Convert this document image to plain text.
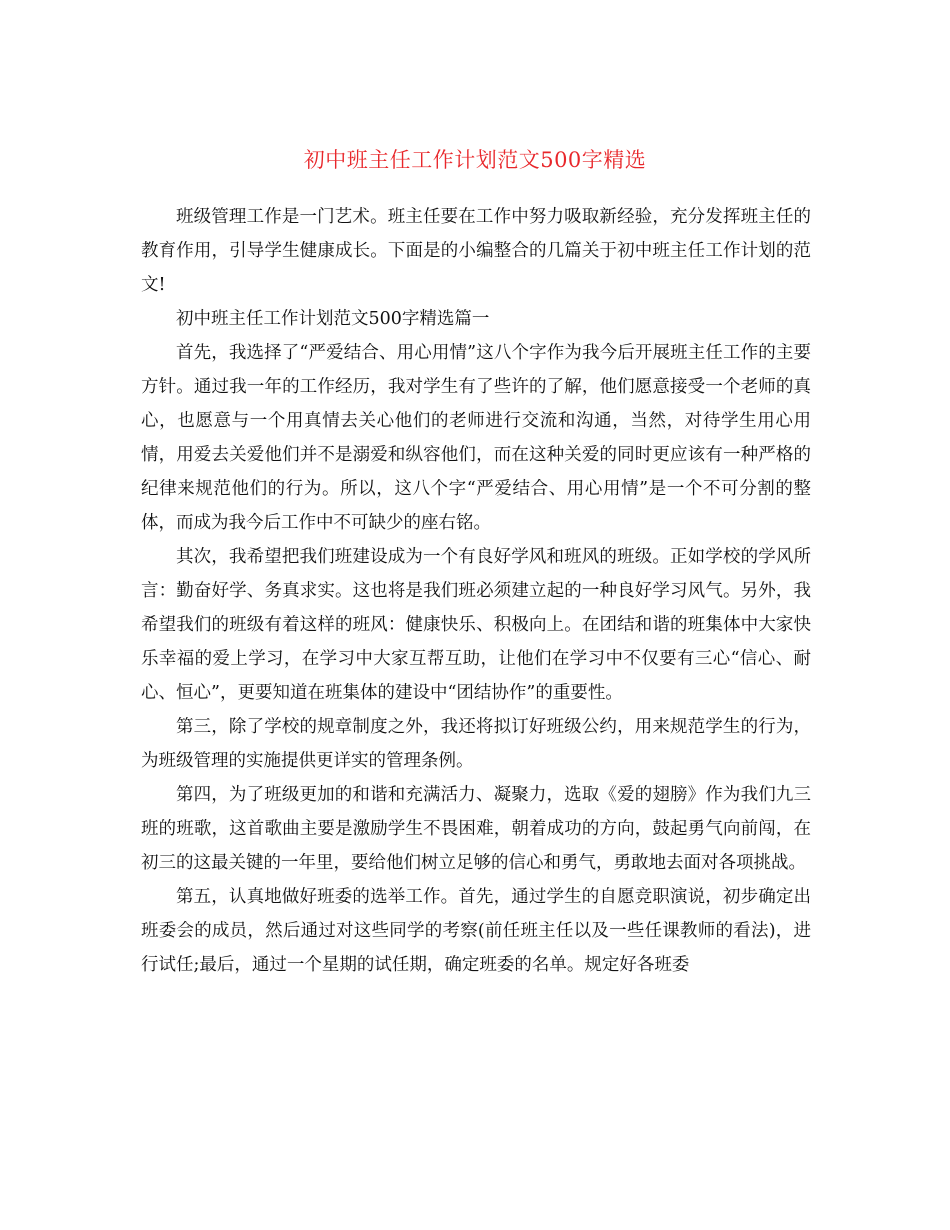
初中班主任工作计划范文500字精选

班级管理工作是一门艺术。班主任要在工作中努力吸取新经验，充分发挥班主任的教育作用，引导学生健康成长。下面是的小编整合的几篇关于初中班主任工作计划的范文!

初中班主任工作计划范文500字精选篇一

首先，我选择了“严爱结合、用心用情”这八个字作为我今后开展班主任工作的主要方针。通过我一年的工作经历，我对学生有了些许的了解，他们愿意接受一个老师的真心，也愿意与一个用真情去关心他们的老师进行交流和沟通，当然，对待学生用心用情，用爱去关爱他们并不是溺爱和纵容他们，而在这种关爱的同时更应该有一种严格的纪律来规范他们的行为。所以，这八个字“严爱结合、用心用情”是一个不可分割的整体，而成为我今后工作中不可缺少的座右铭。

其次，我希望把我们班建设成为一个有良好学风和班风的班级。正如学校的学风所言：勤奋好学、务真求实。这也将是我们班必须建立起的一种良好学习风气。另外，我希望我们的班级有着这样的班风：健康快乐、积极向上。在团结和谐的班集体中大家快乐幸福的爱上学习，在学习中大家互帮互助，让他们在学习中不仅要有三心“信心、耐心、恒心”，更要知道在班集体的建设中“团结协作”的重要性。

第三，除了学校的规章制度之外，我还将拟订好班级公约，用来规范学生的行为，为班级管理的实施提供更详实的管理条例。

第四，为了班级更加的和谐和充满活力、凝聚力，选取《爱的翅膀》作为我们九三班的班歌，这首歌曲主要是激励学生不畏困难，朝着成功的方向，鼓起勇气向前闯，在初三的这最关键的一年里，要给他们树立足够的信心和勇气，勇敢地去面对各项挑战。

第五，认真地做好班委的选举工作。首先，通过学生的自愿竞职演说，初步确定出班委会的成员，然后通过对这些同学的考察(前任班主任以及一些任课教师的看法)，进行试任;最后，通过一个星期的试任期，确定班委的名单。规定好各班委
